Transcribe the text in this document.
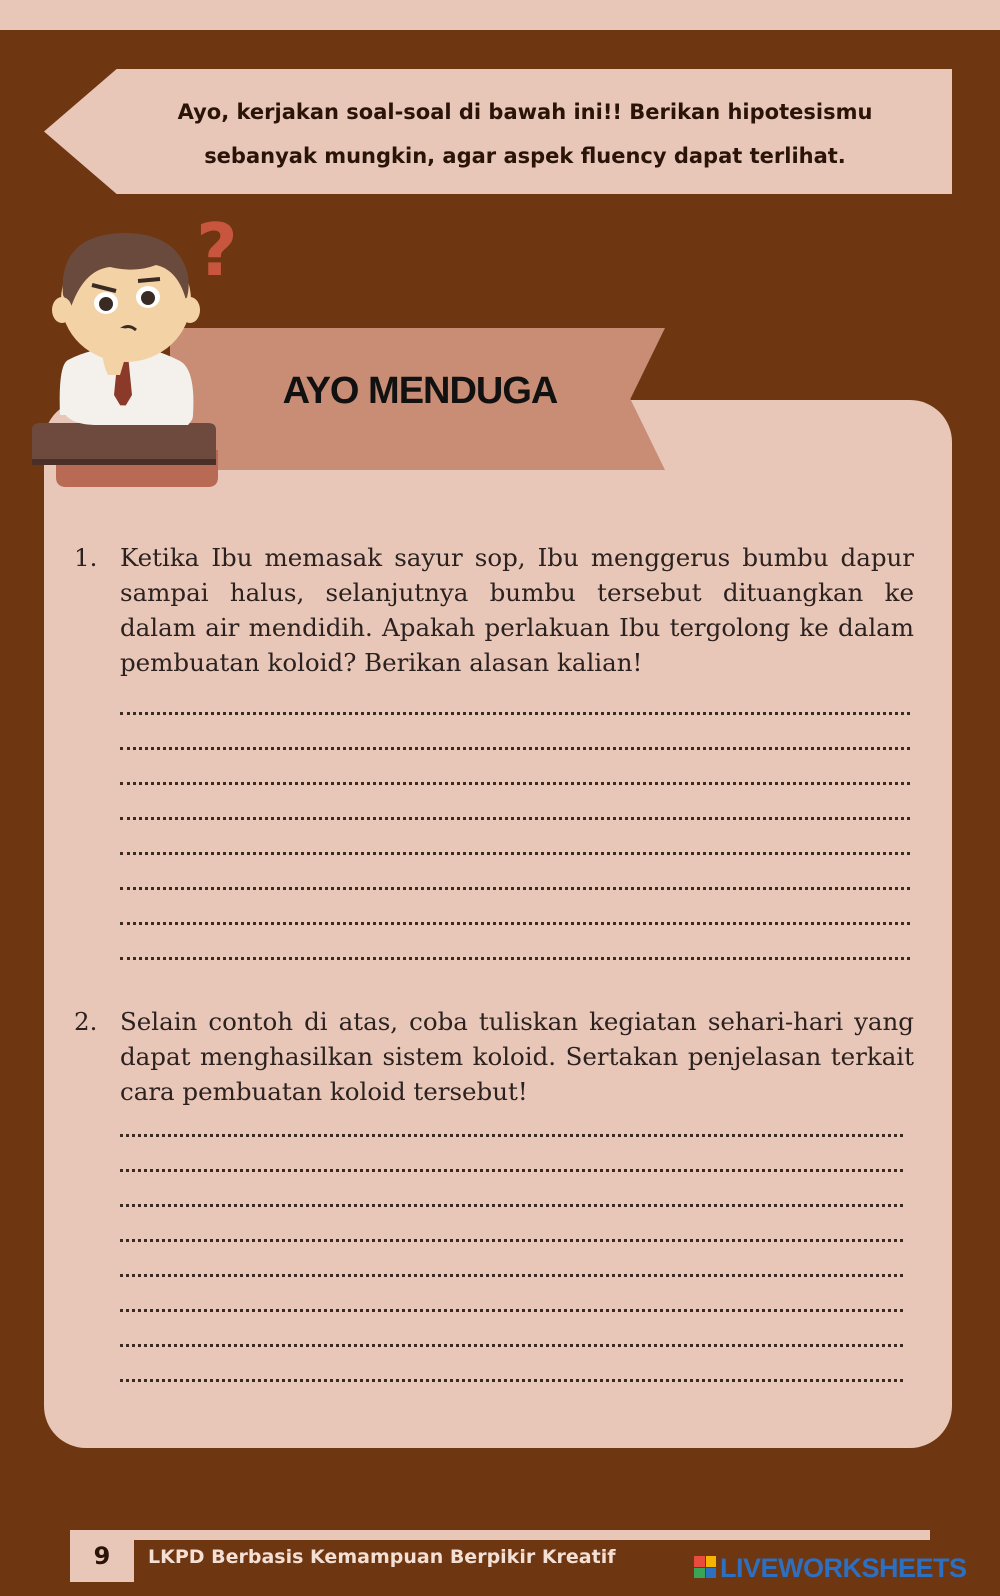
Ayo, kerjakan soal-soal di bawah ini!! Berikan hipotesismu
sebanyak mungkin, agar aspek fluency dapat terlihat.
AYO MENDUGA
?
1. Ketika Ibu memasak sayur sop, Ibu menggerus bumbu dapur sampai halus, selanjutnya bumbu tersebut dituangkan ke dalam air mendidih. Apakah perlakuan Ibu tergolong ke dalam pembuatan koloid? Berikan alasan kalian!
2. Selain contoh di atas, coba tuliskan kegiatan sehari-hari yang dapat menghasilkan sistem koloid. Sertakan penjelasan terkait cara pembuatan koloid tersebut!
9	LKPD Berbasis Kemampuan Berpikir Kreatif	LIVEWORKSHEETS
